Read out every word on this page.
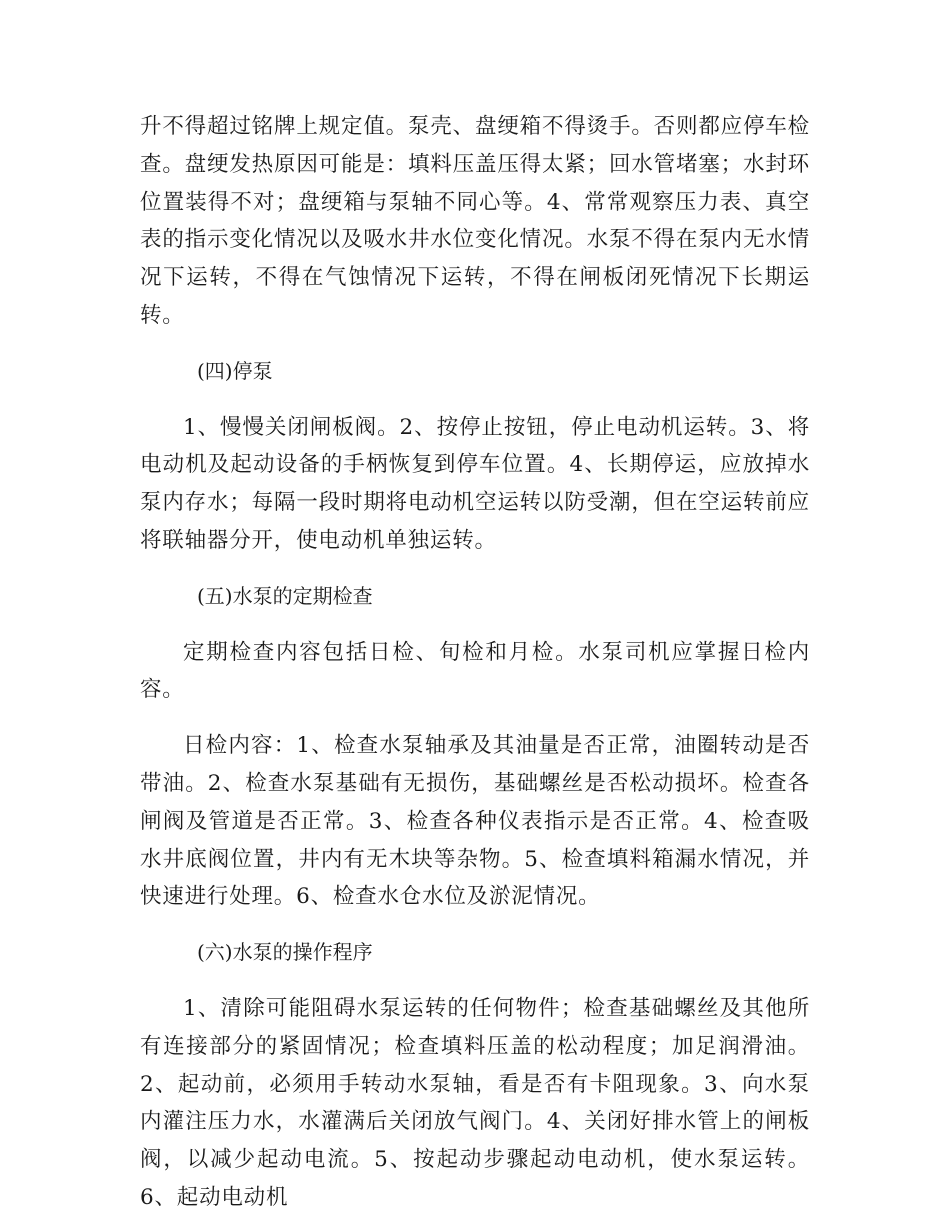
升不得超过铭牌上规定值。泵壳、盘绠箱不得烫手。否则都应停车检查。盘绠发热原因可能是：填料压盖压得太紧；回水管堵塞；水封环位置装得不对；盘绠箱与泵轴不同心等。4、常常观察压力表、真空表的指示变化情况以及吸水井水位变化情况。水泵不得在泵内无水情况下运转，不得在气蚀情况下运转，不得在闸板闭死情况下长期运转。

(四)停泵

1、慢慢关闭闸板阀。2、按停止按钮，停止电动机运转。3、将电动机及起动设备的手柄恢复到停车位置。4、长期停运，应放掉水泵内存水；每隔一段时期将电动机空运转以防受潮，但在空运转前应将联轴器分开，使电动机单独运转。

(五)水泵的定期检查

定期检查内容包括日检、旬检和月检。水泵司机应掌握日检内容。

日检内容：1、检查水泵轴承及其油量是否正常，油圈转动是否带油。2、检查水泵基础有无损伤，基础螺丝是否松动损坏。检查各闸阀及管道是否正常。3、检查各种仪表指示是否正常。4、检查吸水井底阀位置，井内有无木块等杂物。5、检查填料箱漏水情况，并快速进行处理。6、检查水仓水位及淤泥情况。

(六)水泵的操作程序

1、清除可能阻碍水泵运转的任何物件；检查基础螺丝及其他所有连接部分的紧固情况；检查填料压盖的松动程度；加足润滑油。2、起动前，必须用手转动水泵轴，看是否有卡阻现象。3、向水泵内灌注压力水，水灌满后关闭放气阀门。4、关闭好排水管上的闸板阀，以减少起动电流。5、按起动步骤起动电动机，使水泵运转。6、起动电动机
